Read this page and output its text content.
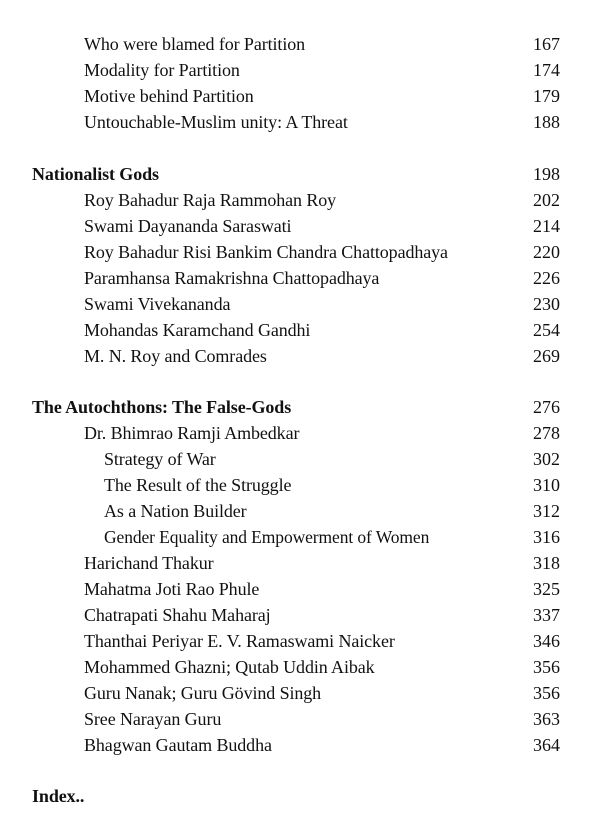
Who were blamed for Partition	167
Modality for Partition	174
Motive behind Partition	179
Untouchable-Muslim unity: A Threat	188
Nationalist Gods	198
Roy Bahadur Raja Rammohan Roy	202
Swami Dayananda Saraswati	214
Roy Bahadur Risi Bankim Chandra Chattopadhaya	220
Paramhansa Ramakrishna Chattopadhaya	226
Swami Vivekananda	230
Mohandas Karamchand Gandhi	254
M. N. Roy and Comrades	269
The Autochthons: The False-Gods	276
Dr. Bhimrao Ramji Ambedkar	278
Strategy of War	302
The Result of the Struggle	310
As a Nation Builder	312
Gender Equality and Empowerment of Women	316
Harichand Thakur	318
Mahatma Joti Rao Phule	325
Chatrapati Shahu Maharaj	337
Thanthai Periyar E. V. Ramaswami Naicker	346
Mohammed Ghazni; Qutab Uddin Aibak	356
Guru Nanak; Guru Gövind Singh	356
Sree Narayan Guru	363
Bhagwan Gautam Buddha	364
Index..
